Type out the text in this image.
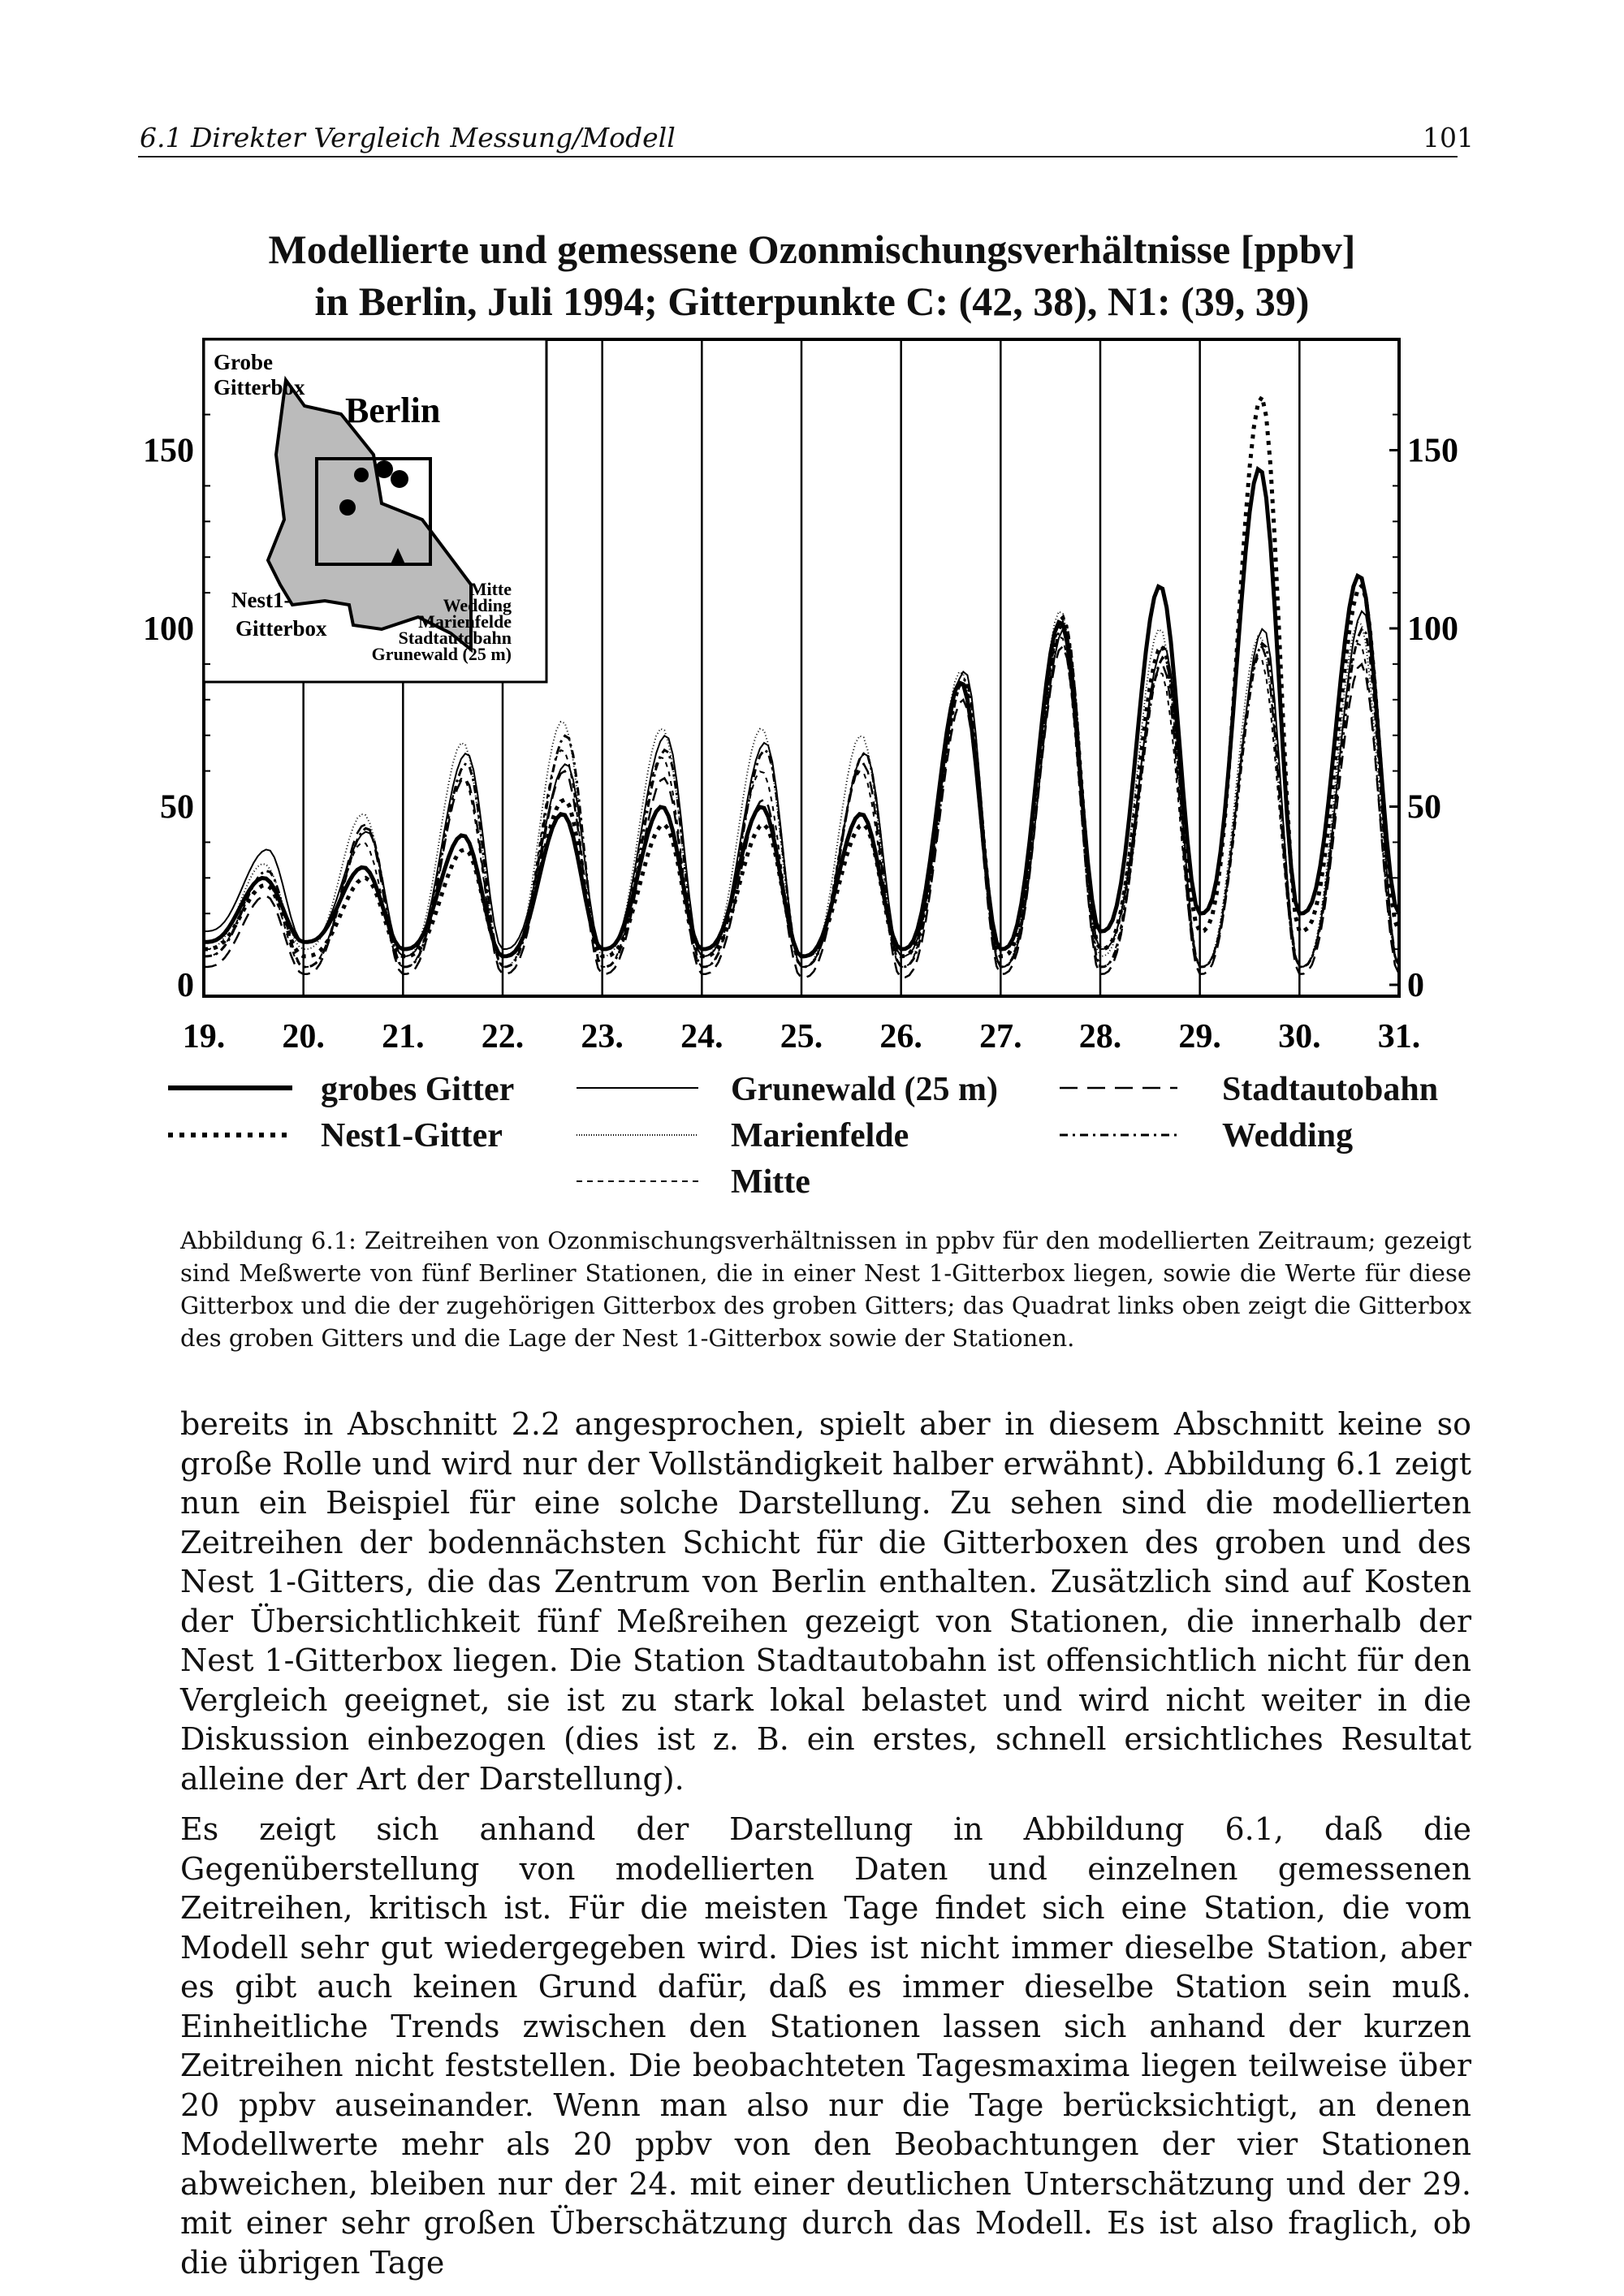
6.1 Direkter Vergleich Messung/Modell	101
Modellierte und gemessene Ozonmischungsverhältnisse [ppbv]
in Berlin, Juli 1994; Gitterpunkte C: (42, 38), N1: (39, 39)
Grobe
Gitterbox
Berlin
Nest1-
Gitterbox
Mitte
Wedding
Marienfelde
Stadtautobahn
Grunewald (25 m)
19. 20. 21. 22. 23. 24. 25. 26. 27. 28. 29. 30. 31.
0	0
50	50
100	100
150	150
grobes Gitter
Nest1-Gitter
Grunewald (25 m)
Marienfelde
Mitte
Stadtautobahn
Wedding
Abbildung 6.1: Zeitreihen von Ozonmischungsverhältnissen in ppbv für den modellierten Zeitraum; gezeigt sind Meßwerte von fünf Berliner Stationen, die in einer Nest 1-Gitterbox liegen, sowie die Werte für diese Gitterbox und die der zugehörigen Gitterbox des groben Gitters; das Quadrat links oben zeigt die Gitterbox des groben Gitters und die Lage der Nest 1-Gitterbox sowie der Stationen.

bereits in Abschnitt 2.2 angesprochen, spielt aber in diesem Abschnitt keine so große Rolle und wird nur der Vollständigkeit halber erwähnt). Abbildung 6.1 zeigt nun ein Beispiel für eine solche Darstellung. Zu sehen sind die modellierten Zeitreihen der bodennächsten Schicht für die Gitterboxen des groben und des Nest 1-Gitters, die das Zentrum von Berlin enthalten. Zusätzlich sind auf Kosten der Übersichtlichkeit fünf Meßreihen gezeigt von Stationen, die innerhalb der Nest 1-Gitterbox liegen. Die Station Stadtautobahn ist offensichtlich nicht für den Vergleich geeignet, sie ist zu stark lokal belastet und wird nicht weiter in die Diskussion einbezogen (dies ist z. B. ein erstes, schnell ersichtliches Resultat alleine der Art der Darstellung).

Es zeigt sich anhand der Darstellung in Abbildung 6.1, daß die Gegenüberstellung von modellierten Daten und einzelnen gemessenen Zeitreihen, kritisch ist. Für die meisten Tage findet sich eine Station, die vom Modell sehr gut wiedergegeben wird. Dies ist nicht immer dieselbe Station, aber es gibt auch keinen Grund dafür, daß es immer dieselbe Station sein muß. Einheitliche Trends zwischen den Stationen lassen sich anhand der kurzen Zeitreihen nicht feststellen. Die beobachteten Tagesmaxima liegen teilweise über 20 ppbv auseinander. Wenn man also nur die Tage berücksichtigt, an denen Modellwerte mehr als 20 ppbv von den Beobachtungen der vier Stationen abweichen, bleiben nur der 24. mit einer deutlichen Unterschätzung und der 29. mit einer sehr großen Überschätzung durch das Modell. Es ist also fraglich, ob die übrigen Tage
